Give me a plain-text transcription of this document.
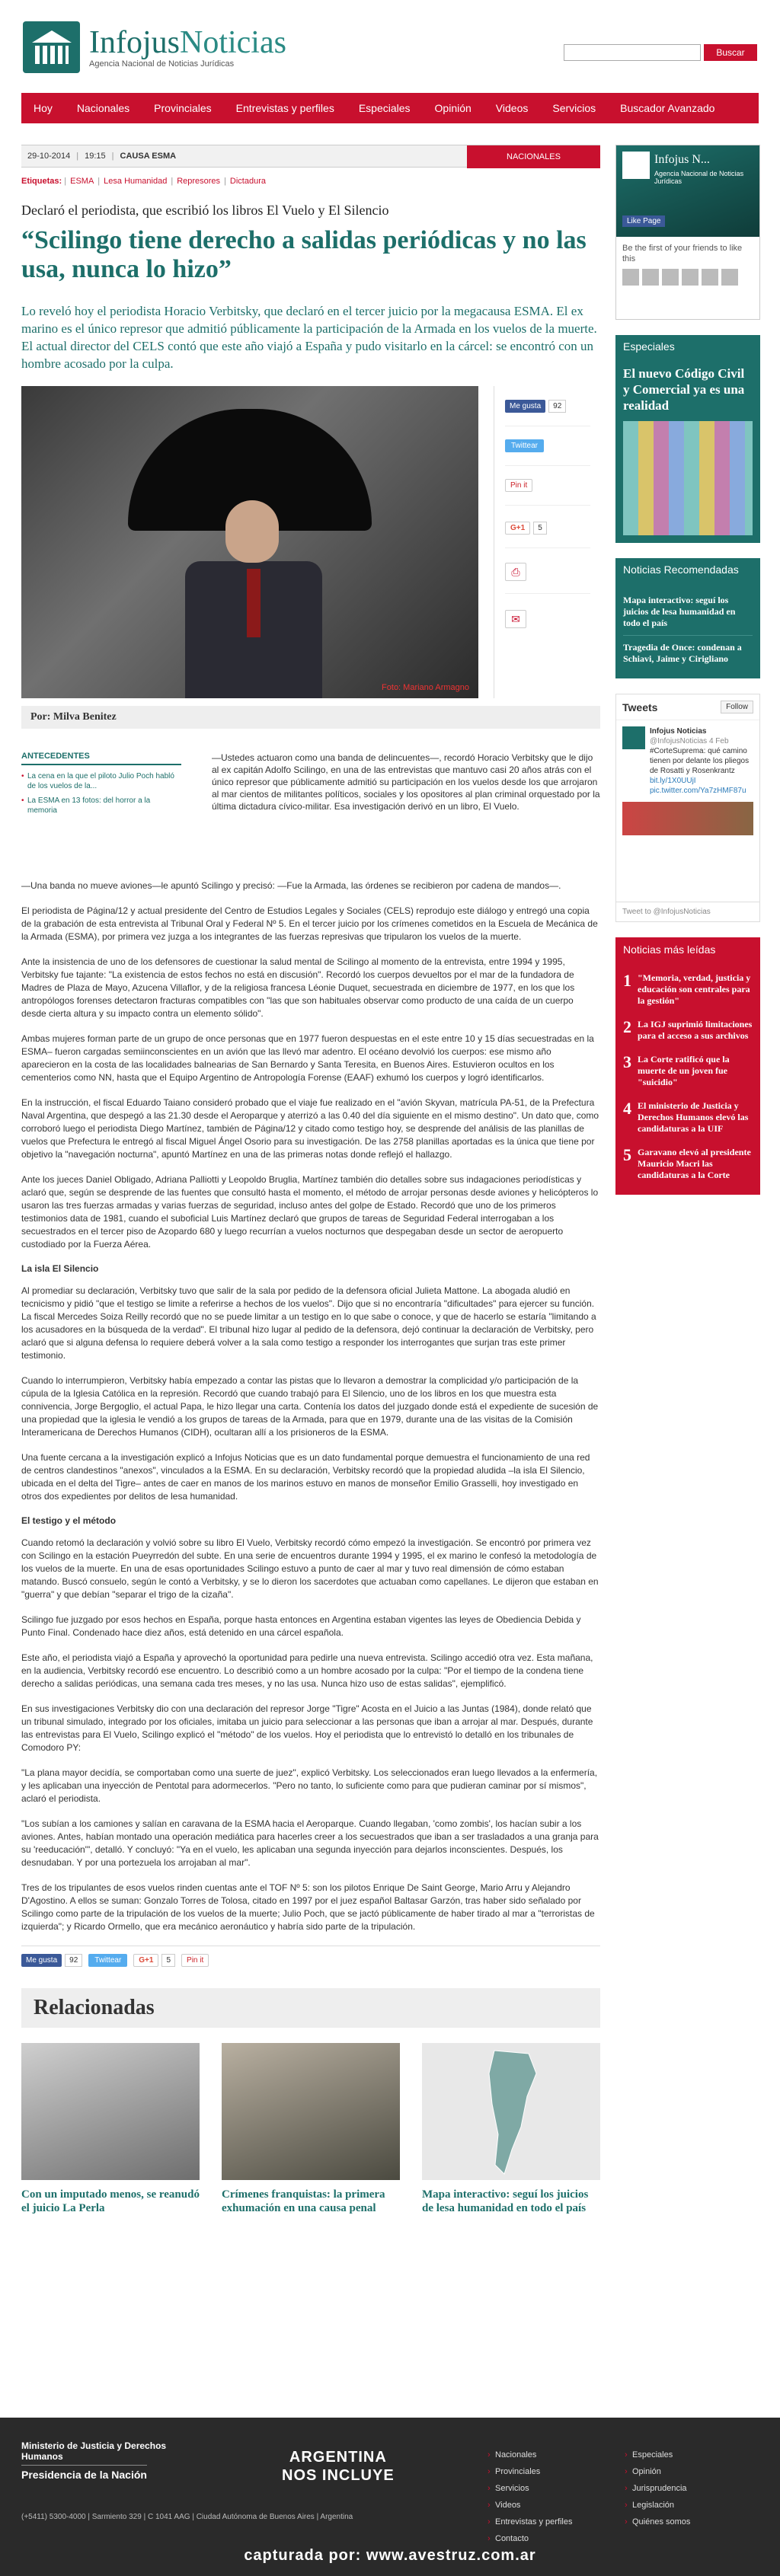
InfojusNoticias
Agencia Nacional de Noticias Jurídicas
Buscar
Hoy Nacionales Provinciales Entrevistas y perfiles Especiales Opinión Videos Servicios Buscador Avanzado
29-10-2014 | 19:15 | CAUSA ESMA	NACIONALES
Etiquetas: | ESMA | Lesa Humanidad | Represores | Dictadura
Declaró el periodista, que escribió los libros El Vuelo y El Silencio
“Scilingo tiene derecho a salidas periódicas y no las usa, nunca lo hizo”

Lo reveló hoy el periodista Horacio Verbitsky, que declaró en el tercer juicio por la megacausa ESMA. El ex marino es el único represor que admitió públicamente la participación de la Armada en los vuelos de la muerte. El actual director del CELS contó que este año viajó a España y pudo visitarlo en la cárcel: se encontró con un hombre acosado por la culpa.

Foto: Mariano Armagno
Me gusta	92
Twittear
Pin it
G+1	5
⎙
✉
Por: Milva Benitez
ANTECEDENTES
• La cena en la que el piloto Julio Poch habló de los vuelos de la...
• La ESMA en 13 fotos: del horror a la memoria
—Ustedes actuaron como una banda de delincuentes—, recordó Horacio Verbitsky que le dijo al ex capitán Adolfo Scilingo, en una de las entrevistas que mantuvo casi 20 años atrás con el único represor que públicamente admitió su participación en los vuelos desde los que arrojaron al mar cientos de militantes políticos, sociales y los opositores al plan criminal orquestado por la última dictadura cívico-militar. Esa investigación derivó en un libro, El Vuelo.

—Una banda no mueve aviones—le apuntó Scilingo y precisó: —Fue la Armada, las órdenes se recibieron por cadena de mandos—.

El periodista de Página/12 y actual presidente del Centro de Estudios Legales y Sociales (CELS) reprodujo este diálogo y entregó una copia de la grabación de esta entrevista al Tribunal Oral y Federal Nº 5. En el tercer juicio por los crímenes cometidos en la Escuela de Mecánica de la Armada (ESMA), por primera vez juzga a los integrantes de las fuerzas represivas que tripularon los vuelos de la muerte.

Ante la insistencia de uno de los defensores de cuestionar la salud mental de Scilingo al momento de la entrevista, entre 1994 y 1995, Verbitsky fue tajante: "La existencia de estos fechos no está en discusión". Recordó los cuerpos devueltos por el mar de la fundadora de Madres de Plaza de Mayo, Azucena Villaflor, y de la religiosa francesa Léonie Duquet, secuestrada en diciembre de 1977, en los que los antropólogos forenses detectaron fracturas compatibles con "las que son habituales observar como producto de una caída de un cuerpo desde cierta altura y su impacto contra un elemento sólido".

Ambas mujeres forman parte de un grupo de once personas que en 1977 fueron despuestas en el este entre 10 y 15 días secuestradas en la ESMA– fueron cargadas semiinconscientes en un avión que las llevó mar adentro. El océano devolvió los cuerpos: ese mismo año aparecieron en la costa de las localidades balnearias de San Bernardo y Santa Teresita, en Buenos Aires. Estuvieron ocultos en los cementerios como NN, hasta que el Equipo Argentino de Antropología Forense (EAAF) exhumó los cuerpos y logró identificarlos.

En la instrucción, el fiscal Eduardo Taiano consideró probado que el viaje fue realizado en el "avión Skyvan, matrícula PA-51, de la Prefectura Naval Argentina, que despegó a las 21.30 desde el Aeroparque y aterrizó a las 0.40 del día siguiente en el mismo destino". Un dato que, como corroboró luego el periodista Diego Martínez, también de Página/12 y citado como testigo hoy, se desprende del análisis de las planillas de vuelos que Prefectura le entregó al fiscal Miguel Ángel Osorio para su investigación. De las 2758 planillas aportadas es la única que tiene por objetivo la "navegación nocturna", apuntó Martínez en una de las primeras notas donde reflejó el hallazgo.

Ante los jueces Daniel Obligado, Adriana Palliotti y Leopoldo Bruglia, Martínez también dio detalles sobre sus indagaciones periodísticas y aclaró que, según se desprende de las fuentes que consultó hasta el momento, el método de arrojar personas desde aviones y helicópteros lo usaron las tres fuerzas armadas y varias fuerzas de seguridad, incluso antes del golpe de Estado. Recordó que uno de los primeros testimonios data de 1981, cuando el suboficial Luis Martínez declaró que grupos de tareas de Seguridad Federal interrogaban a los secuestrados en el tercer piso de Azopardo 680 y luego recurrían a vuelos nocturnos que despegaban desde un sector de aeropuerto custodiado por la Fuerza Aérea.

La isla El Silencio

Al promediar su declaración, Verbitsky tuvo que salir de la sala por pedido de la defensora oficial Julieta Mattone. La abogada aludió en tecnicismo y pidió "que el testigo se limite a referirse a hechos de los vuelos". Dijo que si no encontraría "dificultades" para ejercer su función. La fiscal Mercedes Soiza Reilly recordó que no se puede limitar a un testigo en lo que sabe o conoce, y que de hacerlo se estaría "limitando a los acusadores en la búsqueda de la verdad". El tribunal hizo lugar al pedido de la defensora, dejó continuar la declaración de Verbitsky, pero aclaró que si alguna defensa lo requiere deberá volver a la sala como testigo a responder los interrogantes que surjan tras este primer testimonio.

Cuando lo interrumpieron, Verbitsky había empezado a contar las pistas que lo llevaron a demostrar la complicidad y/o participación de la cúpula de la Iglesia Católica en la represión. Recordó que cuando trabajó para El Silencio, uno de los libros en los que muestra esta connivencia, Jorge Bergoglio, el actual Papa, le hizo llegar una carta. Contenía los datos del juzgado donde está el expediente de sucesión de una propiedad que la iglesia le vendió a los grupos de tareas de la Armada, para que en 1979, durante una de las visitas de la Comisión Interamericana de Derechos Humanos (CIDH), ocultaran allí a los prisioneros de la ESMA.

Una fuente cercana a la investigación explicó a Infojus Noticias que es un dato fundamental porque demuestra el funcionamiento de una red de centros clandestinos "anexos", vinculados a la ESMA. En su declaración, Verbitsky recordó que la propiedad aludida –la isla El Silencio, ubicada en el delta del Tigre– antes de caer en manos de los marinos estuvo en manos de monseñor Emilio Grasselli, hoy investigado en otros dos expedientes por delitos de lesa humanidad.

El testigo y el método

Cuando retomó la declaración y volvió sobre su libro El Vuelo, Verbitsky recordó cómo empezó la investigación. Se encontró por primera vez con Scilingo en la estación Pueyrredón del subte. En una serie de encuentros durante 1994 y 1995, el ex marino le confesó la metodología de los vuelos de la muerte. En una de esas oportunidades Scilingo estuvo a punto de caer al mar y tuvo real dimensión de cómo estaban matando. Buscó consuelo, según le contó a Verbitsky, y se lo dieron los sacerdotes que actuaban como capellanes. Le dijeron que estaban en "guerra" y que debían "separar el trigo de la cizaña".

Scilingo fue juzgado por esos hechos en España, porque hasta entonces en Argentina estaban vigentes las leyes de Obediencia Debida y Punto Final. Condenado hace diez años, está detenido en una cárcel española.

Este año, el periodista viajó a España y aprovechó la oportunidad para pedirle una nueva entrevista. Scilingo accedió otra vez. Esta mañana, en la audiencia, Verbitsky recordó ese encuentro. Lo describió como a un hombre acosado por la culpa: "Por el tiempo de la condena tiene derecho a salidas periódicas, una semana cada tres meses, y no las usa. Nunca hizo uso de estas salidas", ejemplificó.

En sus investigaciones Verbitsky dio con una declaración del represor Jorge "Tigre" Acosta en el Juicio a las Juntas (1984), donde relató que un tribunal simulado, integrado por los oficiales, imitaba un juicio para seleccionar a las personas que iban a arrojar al mar. Después, durante las entrevistas para El Vuelo, Scilingo explicó el "método" de los vuelos. Hoy el periodista que lo entrevistó lo detalló en los tribunales de Comodoro PY:

"La plana mayor decidía, se comportaban como una suerte de juez", explicó Verbitsky. Los seleccionados eran luego llevados a la enfermería, y les aplicaban una inyección de Pentotal para adormecerlos. "Pero no tanto, lo suficiente como para que pudieran caminar por sí mismos", aclaró el periodista.

"Los subían a los camiones y salían en caravana de la ESMA hacia el Aeroparque. Cuando llegaban, 'como zombis', los hacían subir a los aviones. Antes, habían montado una operación mediática para hacerles creer a los secuestrados que iban a ser trasladados a una granja para su 'reeducación'", detalló. Y concluyó: "Ya en el vuelo, les aplicaban una segunda inyección para dejarlos inconscientes. Después, los desnudaban. Y por una portezuela los arrojaban al mar".

Tres de los tripulantes de esos vuelos rinden cuentas ante el TOF Nº 5: son los pilotos Enrique De Saint George, Mario Arru y Alejandro D'Agostino. A ellos se suman: Gonzalo Torres de Tolosa, citado en 1997 por el juez español Baltasar Garzón, tras haber sido señalado por Scilingo como parte de la tripulación de los vuelos de la muerte; Julio Poch, que se jactó públicamente de haber tirado al mar a "terroristas de izquierda"; y Ricardo Ormello, que era mecánico aeronáutico y habría sido parte de la tripulación.

Me gusta	92	Twittear	G+1	5	Pin it
Relacionadas
Con un imputado menos, se reanudó el juicio La Perla
Crímenes franquistas: la primera exhumación en una causa penal
Mapa interactivo: seguí los juicios de lesa humanidad en todo el país
Infojus N...
Agencia Nacional de Noticias Jurídicas
Like Page
Be the first of your friends to like this
Especiales
El nuevo Código Civil y Comercial ya es una realidad
Noticias Recomendadas
Mapa interactivo: seguí los juicios de lesa humanidad en todo el país
Tragedia de Once: condenan a Schiavi, Jaime y Cirigliano
Tweets	Follow
Infojus Noticias
@InfojusNoticias 4 Feb
#CorteSuprema: qué camino tienen por delante los pliegos de Rosatti y Rosenkrantz bit.ly/1X0UUjI
pic.twitter.com/Ya7zHMF87u
Tweet to @InfojusNoticias
Noticias más leídas
1 "Memoria, verdad, justicia y educación son centrales para la gestión"
2 La IGJ suprimió limitaciones para el acceso a sus archivos
3 La Corte ratificó que la muerte de un joven fue "suicidio"
4 El ministerio de Justicia y Derechos Humanos elevó las candidaturas a la UIF
5 Garavano elevó al presidente Mauricio Macri las candidaturas a la Corte
Ministerio de Justicia y Derechos Humanos
Presidencia de la Nación
ARGENTINA
NOS INCLUYE
(+5411) 5300-4000 | Sarmiento 329 | C 1041 AAG | Ciudad Autónoma de Buenos Aires | Argentina
› Nacionales
› Provinciales
› Servicios
› Videos
› Entrevistas y perfiles
› Contacto
› Especiales
› Opinión
› Jurisprudencia
› Legislación
› Quiénes somos
capturada por: www.avestruz.com.ar
